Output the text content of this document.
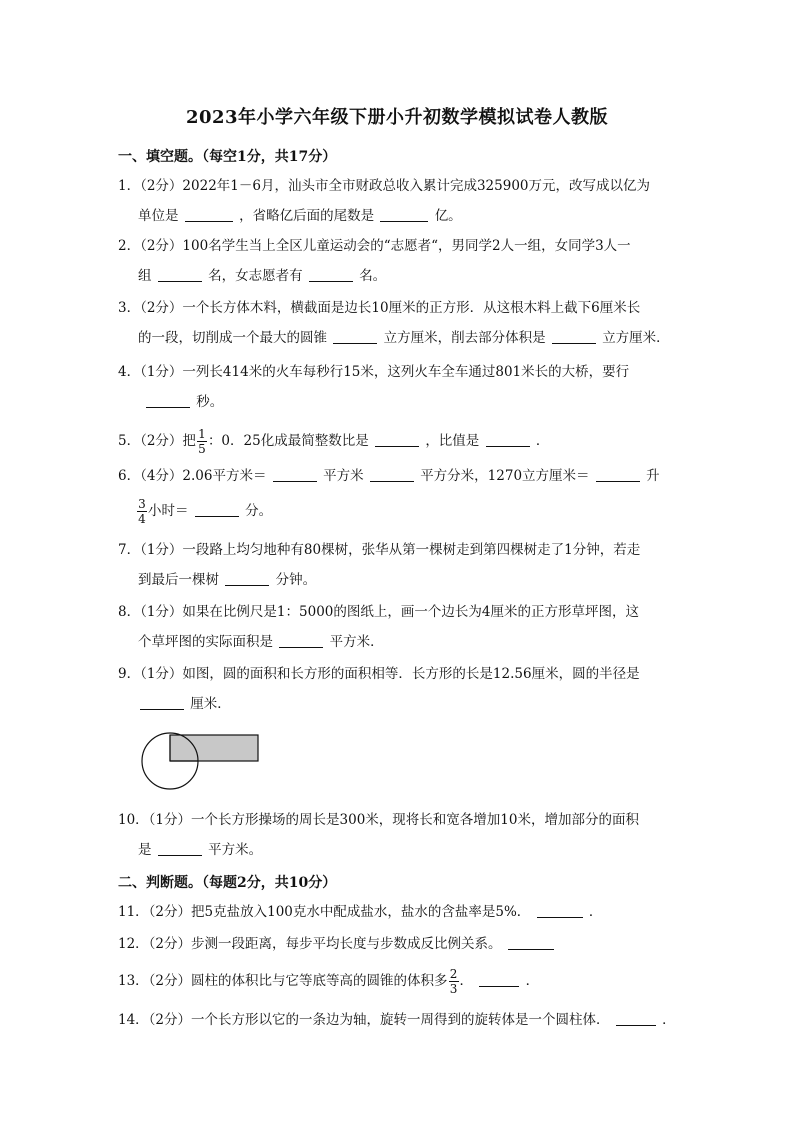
2023年小学六年级下册小升初数学模拟试卷人教版
一、填空题。（每空1分，共17分）
1．（2分）2022年1－6月，汕头市全市财政总收入累计完成325900万元，改写成以亿为
单位是	，省略亿后面的尾数是	亿。
2．（2分）100名学生当上全区儿童运动会的“志愿者“，男同学2人一组，女同学3人一
组	名，女志愿者有	名。
3．（2分）一个长方体木料，横截面是边长10厘米的正方形．从这根木料上截下6厘米长
的一段，切削成一个最大的圆锥	立方厘米，削去部分体积是	立方厘米．
4．（1分）一列长414米的火车每秒行15米，这列火车全车通过801米长的大桥，要行
秒。
5．（2分）把 $\frac{1}{5}$ ：0．25化成最简整数比是	，比值是	．
6．（4分）2.06平方米＝	平方米	平方分米，1270立方厘米＝	升
$\frac{3}{4}$ 小时＝	分。
7．（1分）一段路上均匀地种有80棵树，张华从第一棵树走到第四棵树走了1分钟，若走
到最后一棵树	分钟。
8．（1分）如果在比例尺是1：5000的图纸上，画一个边长为4厘米的正方形草坪图，这
个草坪图的实际面积是	平方米．
9．（1分）如图，圆的面积和长方形的面积相等．长方形的长是12.56厘米，圆的半径是
厘米．
10．（1分）一个长方形操场的周长是300米，现将长和宽各增加10米，增加部分的面积
是	平方米。
二、判断题。（每题2分，共10分）
11．（2分）把5克盐放入100克水中配成盐水，盐水的含盐率是5%．	．
12．（2分）步测一段距离，每步平均长度与步数成反比例关系。
13．（2分）圆柱的体积比与它等底等高的圆锥的体积多 $\frac{2}{3}$ ．	．
14．（2分）一个长方形以它的一条边为轴，旋转一周得到的旋转体是一个圆柱体．	．
